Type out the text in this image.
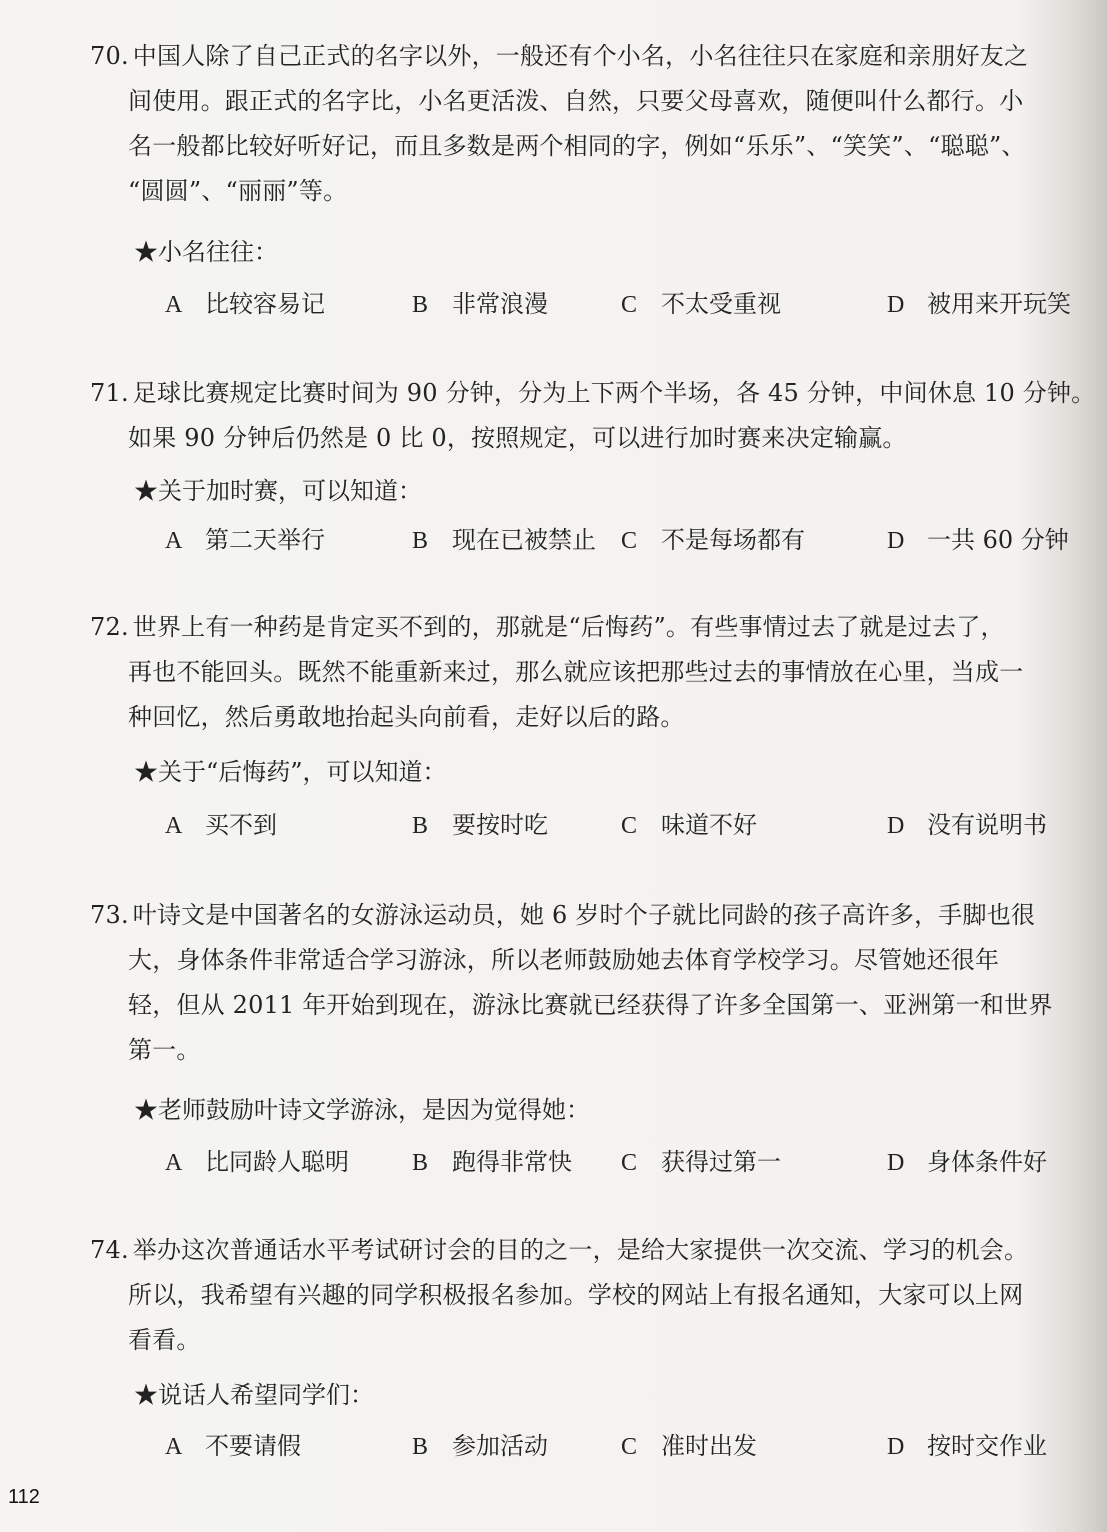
70. 中国人除了自己正式的名字以外，一般还有个小名，小名往往只在家庭和亲朋好友之
间使用。跟正式的名字比，小名更活泼、自然，只要父母喜欢，随便叫什么都行。小
名一般都比较好听好记，而且多数是两个相同的字，例如“乐乐”、“笑笑”、“聪聪”、
“圆圆”、“丽丽”等。
★小名往往：
A 比较容易记	B 非常浪漫	C 不太受重视	D 被用来开玩笑
71. 足球比赛规定比赛时间为 90 分钟，分为上下两个半场，各 45 分钟，中间休息 10 分钟。
如果 90 分钟后仍然是 0 比 0，按照规定，可以进行加时赛来决定输赢。
★关于加时赛，可以知道：
A 第二天举行	B 现在已被禁止 C 不是每场都有	D 一共 60 分钟
72. 世界上有一种药是肯定买不到的，那就是“后悔药”。有些事情过去了就是过去了，
再也不能回头。既然不能重新来过，那么就应该把那些过去的事情放在心里，当成一
种回忆，然后勇敢地抬起头向前看，走好以后的路。
★关于“后悔药”，可以知道：
A 买不到	B 要按时吃	C 味道不好	D 没有说明书
73. 叶诗文是中国著名的女游泳运动员，她 6 岁时个子就比同龄的孩子高许多，手脚也很
大，身体条件非常适合学习游泳，所以老师鼓励她去体育学校学习。尽管她还很年
轻，但从 2011 年开始到现在，游泳比赛就已经获得了许多全国第一、亚洲第一和世界
第一。
★老师鼓励叶诗文学游泳，是因为觉得她：
A 比同龄人聪明	B 跑得非常快 C 获得过第一	D 身体条件好
74. 举办这次普通话水平考试研讨会的目的之一，是给大家提供一次交流、学习的机会。
所以，我希望有兴趣的同学积极报名参加。学校的网站上有报名通知，大家可以上网
看看。
★说话人希望同学们：
A 不要请假	B 参加活动	C 准时出发	D 按时交作业
112
